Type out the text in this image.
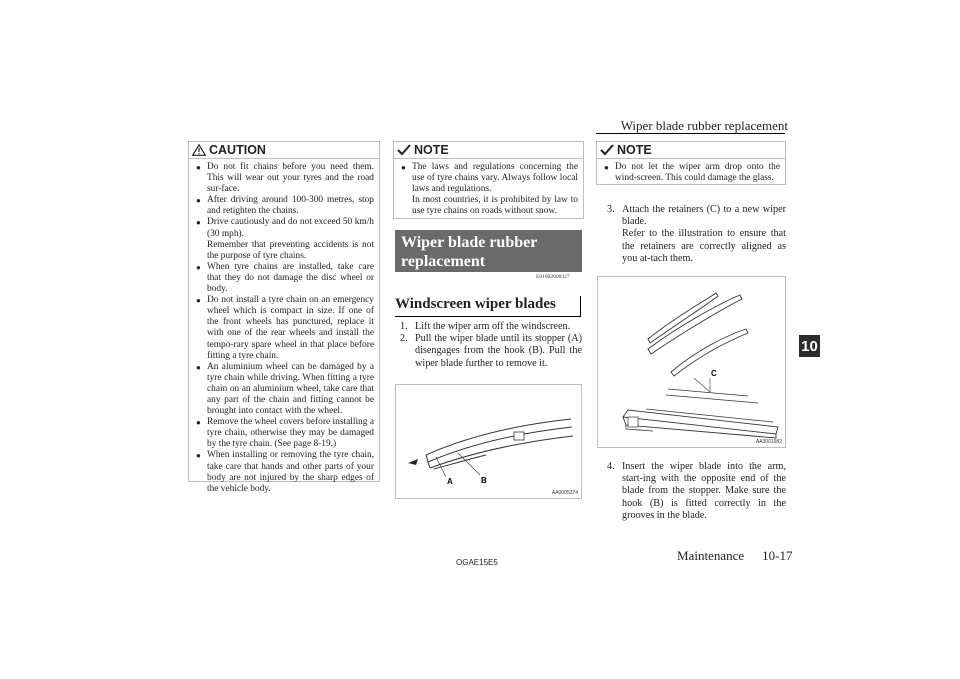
Wiper blade rubber replacement
10
CAUTION
● Do not fit chains before you need them. This will wear out your tyres and the road sur-face.
● After driving around 100-300 metres, stop and retighten the chains.
● Drive cautiously and do not exceed 50 km/h (30 mph).
Remember that preventing accidents is not the purpose of tyre chains.
● When tyre chains are installed, take care that they do not damage the disc wheel or body.
● Do not install a tyre chain on an emergency wheel which is compact in size. If one of the front wheels has punctured, replace it with one of the rear wheels and install the tempo-rary spare wheel in that place before fitting a tyre chain.
● An aluminium wheel can be damaged by a tyre chain while driving. When fitting a tyre chain on an aluminium wheel, take care that any part of the chain and fitting cannot be brought into contact with the wheel.
● Remove the wheel covers before installing a tyre chain, otherwise they may be damaged by the tyre chain. (See page 8-19.)
● When installing or removing the tyre chain, take care that hands and other parts of your body are not injured by the sharp edges of the vehicle body.
NOTE
● The laws and regulations concerning the use of tyre chains vary. Always follow local laws and regulations.
In most countries, it is prohibited by law to use tyre chains on roads without snow.
Wiper blade rubber replacement
E01002600327
Windscreen wiper blades
1. Lift the wiper arm off the windscreen.
2. Pull the wiper blade until its stopper (A) disengages from the hook (B). Pull the wiper blade further to remove it.
A	B
AA0005274
NOTE
● Do not let the wiper arm drop onto the wind-screen. This could damage the glass.
3. Attach the retainers (C) to a new wiper blade.
Refer to the illustration to ensure that the retainers are correctly aligned as you at-tach them.
C
AA3001982
4. Insert the wiper blade into the arm, start-ing with the opposite end of the blade from the stopper. Make sure the hook (B) is fitted correctly in the grooves in the blade.
OGAE15E5	Maintenance 10-17
